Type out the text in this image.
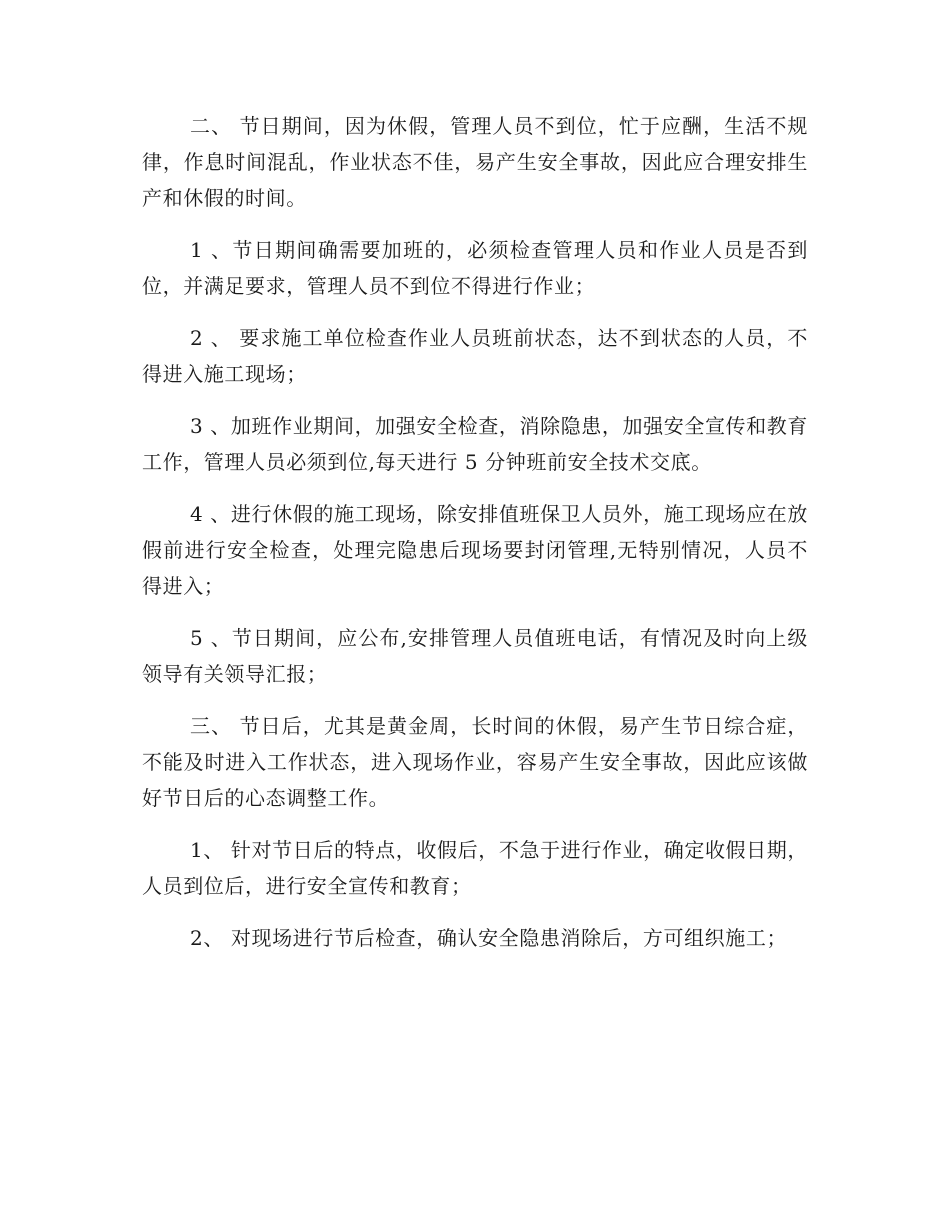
二、 节日期间，因为休假，管理人员不到位，忙于应酬，生活不规律，作息时间混乱，作业状态不佳，易产生安全事故，因此应合理安排生产和休假的时间。

1 、节日期间确需要加班的，必须检查管理人员和作业人员是否到位，并满足要求，管理人员不到位不得进行作业；

2 、 要求施工单位检查作业人员班前状态，达不到状态的人员，不得进入施工现场；

3 、加班作业期间，加强安全检查，消除隐患，加强安全宣传和教育工作，管理人员必须到位,每天进行 5 分钟班前安全技术交底。

4 、进行休假的施工现场，除安排值班保卫人员外，施工现场应在放假前进行安全检查，处理完隐患后现场要封闭管理,无特别情况，人员不得进入；

5 、节日期间，应公布,安排管理人员值班电话，有情况及时向上级领导有关领导汇报；

三、 节日后，尤其是黄金周，长时间的休假，易产生节日综合症，不能及时进入工作状态，进入现场作业，容易产生安全事故，因此应该做好节日后的心态调整工作。

1、 针对节日后的特点，收假后，不急于进行作业，确定收假日期，人员到位后，进行安全宣传和教育；

2、 对现场进行节后检查，确认安全隐患消除后，方可组织施工；
